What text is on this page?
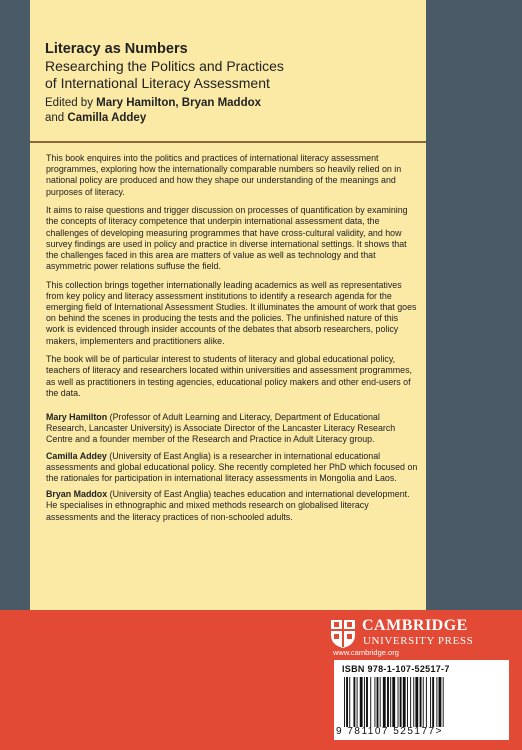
Literacy as Numbers
Researching the Politics and Practices
of International Literacy Assessment
Edited by Mary Hamilton, Bryan Maddox
and Camilla Addey

This book enquires into the politics and practices of international literacy assessment programmes, exploring how the internationally comparable numbers so heavily relied on in national policy are produced and how they shape our understanding of the meanings and purposes of literacy.

It aims to raise questions and trigger discussion on processes of quantification by examining the concepts of literacy competence that underpin international assessment data, the challenges of developing measuring programmes that have cross-cultural validity, and how survey findings are used in policy and practice in diverse international settings. It shows that the challenges faced in this area are matters of value as well as technology and that asymmetric power relations suffuse the field.

This collection brings together internationally leading academics as well as representatives from key policy and literacy assessment institutions to identify a research agenda for the emerging field of International Assessment Studies. It illuminates the amount of work that goes on behind the scenes in producing the tests and the policies. The unfinished nature of this work is evidenced through insider accounts of the debates that absorb researchers, policy makers, implementers and practitioners alike.

The book will be of particular interest to students of literacy and global educational policy, teachers of literacy and researchers located within universities and assessment programmes, as well as practitioners in testing agencies, educational policy makers and other end-users of the data.

Mary Hamilton (Professor of Adult Learning and Literacy, Department of Educational Research, Lancaster University) is Associate Director of the Lancaster Literacy Research Centre and a founder member of the Research and Practice in Adult Literacy group.

Camilla Addey (University of East Anglia) is a researcher in international educational assessments and global educational policy. She recently completed her PhD which focused on the rationales for participation in international literacy assessments in Mongolia and Laos.

Bryan Maddox (University of East Anglia) teaches education and international development. He specialises in ethnographic and mixed methods research on globalised literacy assessments and the literacy practices of non-schooled adults.

CAMBRIDGE
UNIVERSITY PRESS
www.cambridge.org
ISBN 978-1-107-52517-7
9 781107 525177>
